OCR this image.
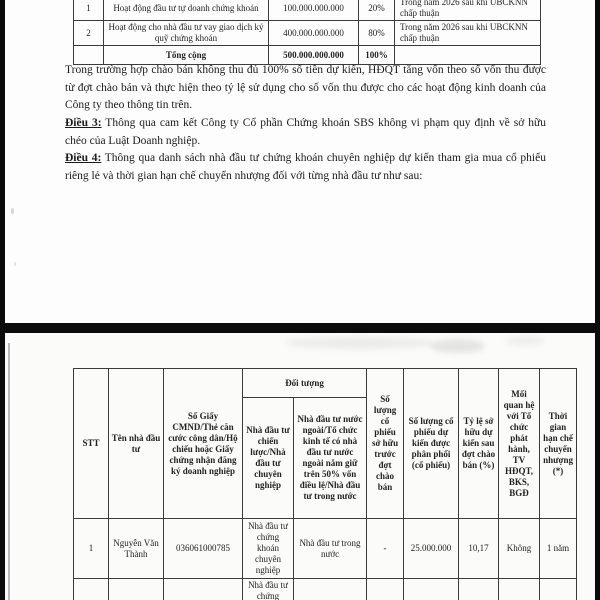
1	Hoạt động đầu tư tự doanh chứng khoán	100.000.000.000	20%	Trong năm 2026 sau khi UBCKNN chấp thuận
2	Hoạt động cho nhà đầu tư vay giao dịch ký quỹ chứng khoán	400.000.000.000	80%	Trong năm 2026 sau khi UBCKNN chấp thuận
	Tổng cộng	500.000.000.000	100%	
Trong trường hợp chào bán không thu đủ 100% số tiền dự kiến, HĐQT tăng vốn theo số vốn thu được từ đợt chào bán và thực hiện theo tỷ lệ sử dụng cho số vốn thu được cho các hoạt động kinh doanh của Công ty theo thông tin trên.
Điều 3: Thông qua cam kết Công ty Cổ phần Chứng khoán SBS không vi phạm quy định về sở hữu chéo của Luật Doanh nghiệp.
Điều 4: Thông qua danh sách nhà đầu tư chứng khoán chuyên nghiệp dự kiến tham gia mua cổ phiếu riêng lẻ và thời gian hạn chế chuyển nhượng đối với từng nhà đầu tư như sau:
STT	Tên nhà đầu tư	Số Giấy CMND/Thẻ căn cước công dân/Hộ chiếu hoặc Giấy chứng nhận đăng ký doanh nghiệp	Đối tượng		Số lượng cổ phiếu sở hữu trước đợt chào bán	Số lượng cổ phiếu dự kiến được phân phối (cổ phiếu)	Tỷ lệ sở hữu dự kiến sau đợt chào bán (%)	Mối quan hệ với Tổ chức phát hành, TV HĐQT, BKS, BGĐ	Thời gian hạn chế chuyển nhượng (*)
			Nhà đầu tư chiến lược/Nhà đầu tư chuyên nghiệp	Nhà đầu tư nước ngoài/Tổ chức kinh tế có nhà đầu tư nước ngoài nắm giữ trên 50% vốn điều lệ/Nhà đầu tư trong nước					
1	Nguyễn Văn Thành	036061000785	Nhà đầu tư chứng khoán chuyên nghiệp	Nhà đầu tư trong nước	-	25.000.000	10,17	Không	1 năm
			Nhà đầu tư chứng						
